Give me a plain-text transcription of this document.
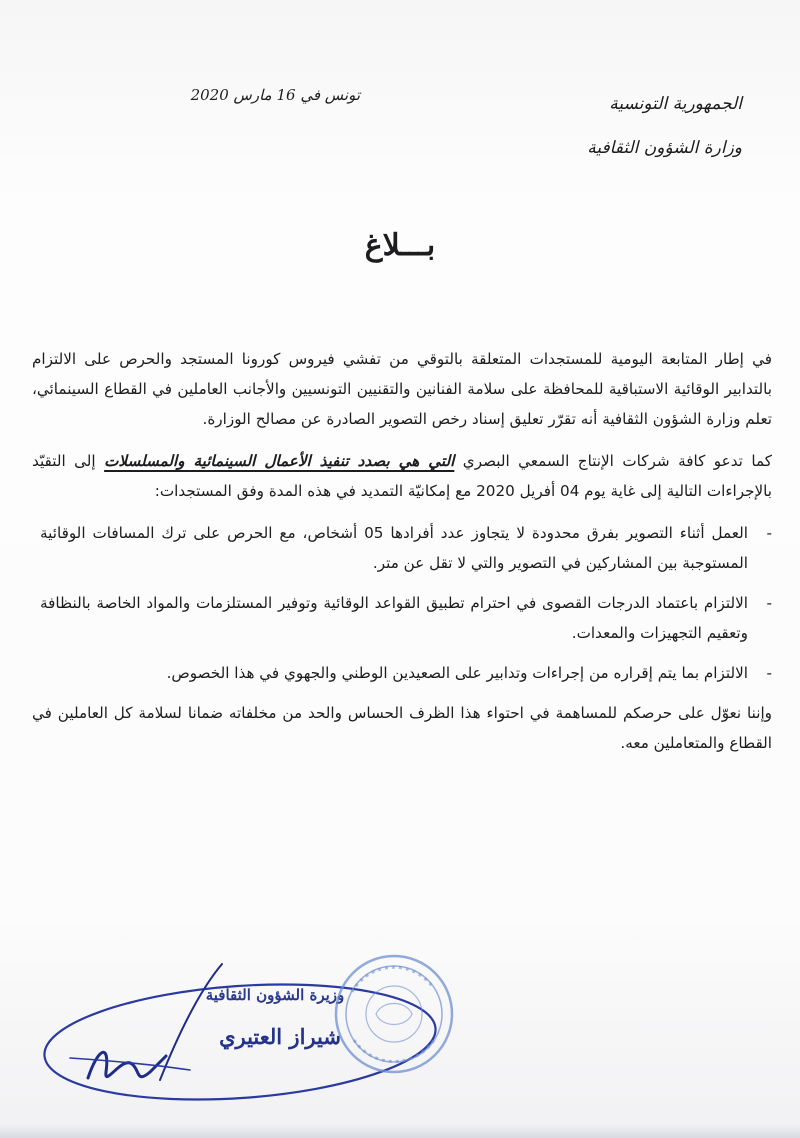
الجمهورية التونسية
وزارة الشؤون الثقافية
تونس في 16 مارس 2020
بـــلاغ

في إطار المتابعة اليومية للمستجدات المتعلقة بالتوقي من تفشي فيروس كورونا المستجد والحرص على الالتزام بالتدابير الوقائية الاستباقية للمحافظة على سلامة الفنانين والتقنيين التونسيين والأجانب العاملين في القطاع السينمائي، تعلم وزارة الشؤون الثقافية أنه تقرّر تعليق إسناد رخص التصوير الصادرة عن مصالح الوزارة.

كما تدعو كافة شركات الإنتاج السمعي البصري التي هي بصدد تنفيذ الأعمال السينمائية والمسلسلات إلى التقيّد بالإجراءات التالية إلى غاية يوم 04 أفريل 2020 مع إمكانيّة التمديد في هذه المدة وفق المستجدات:

-
العمل أثناء التصوير بفرق محدودة لا يتجاوز عدد أفرادها 05 أشخاص، مع الحرص على ترك المسافات الوقائية المستوجبة بين المشاركين في التصوير والتي لا تقل عن متر.
-
الالتزام باعتماد الدرجات القصوى في احترام تطبيق القواعد الوقائية وتوفير المستلزمات والمواد الخاصة بالنظافة وتعقيم التجهيزات والمعدات.
-
الالتزام بما يتم إقراره من إجراءات وتدابير على الصعيدين الوطني والجهوي في هذا الخصوص.

وإننا نعوّل على حرصكم للمساهمة في احتواء هذا الظرف الحساس والحد من مخلفاته ضمانا لسلامة كل العاملين في القطاع والمتعاملين معه.

وزيرة الشؤون الثقافية
شيراز العتيري
